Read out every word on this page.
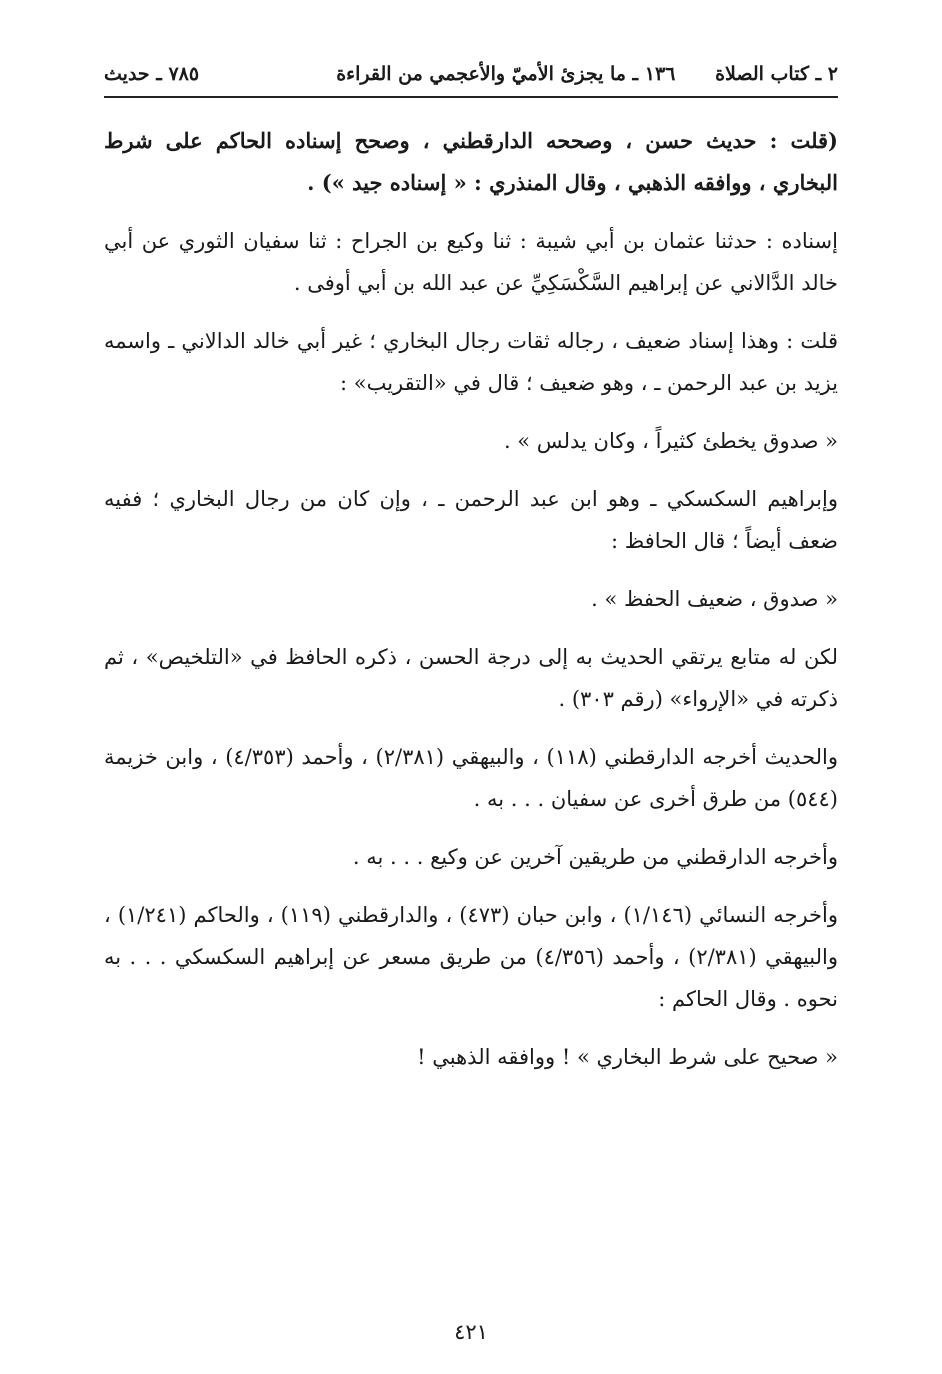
٢ ـ كتاب الصلاة      ١٣٦ ـ ما يجزئ الأميّ والأعجمي من القراءة
٧٨٥ ـ حديث

(قلت : حديث حسن ، وصححه الدارقطني ، وصحح إسناده الحاكم على شرط البخاري ، ووافقه الذهبي ، وقال المنذري : « إسناده جيد ») .

إسناده : حدثنا عثمان بن أبي شيبة : ثنا وكيع بن الجراح : ثنا سفيان الثوري عن أبي خالد الدَّالاني عن إبراهيم السَّكْسَكِيِّ عن عبد الله بن أبي أوفى .

قلت : وهذا إسناد ضعيف ، رجاله ثقات رجال البخاري ؛ غير أبي خالد الدالاني ـ واسمه يزيد بن عبد الرحمن ـ ، وهو ضعيف ؛ قال في «التقريب» :

« صدوق يخطئ كثيراً ، وكان يدلس » .

وإبراهيم السكسكي ـ وهو ابن عبد الرحمن ـ ، وإن كان من رجال البخاري ؛ ففيه ضعف أيضاً ؛ قال الحافظ :

« صدوق ، ضعيف الحفظ » .

لكن له متابع يرتقي الحديث به إلى درجة الحسن ، ذكره الحافظ في «التلخيص» ، ثم ذكرته في «الإرواء» (رقم ٣٠٣) .

والحديث أخرجه الدارقطني (١١٨) ، والبيهقي (٢/٣٨١) ، وأحمد (٤/٣٥٣) ، وابن خزيمة (٥٤٤) من طرق أخرى عن سفيان . . . به .

وأخرجه الدارقطني من طريقين آخرين عن وكيع . . . به .

وأخرجه النسائي (١/١٤٦) ، وابن حبان (٤٧٣) ، والدارقطني (١١٩) ، والحاكم (١/٢٤١) ، والبيهقي (٢/٣٨١) ، وأحمد (٤/٣٥٦) من طريق مسعر عن إبراهيم السكسكي . . . به نحوه . وقال الحاكم :

« صحيح على شرط البخاري » ! ووافقه الذهبي !

٤٢١
